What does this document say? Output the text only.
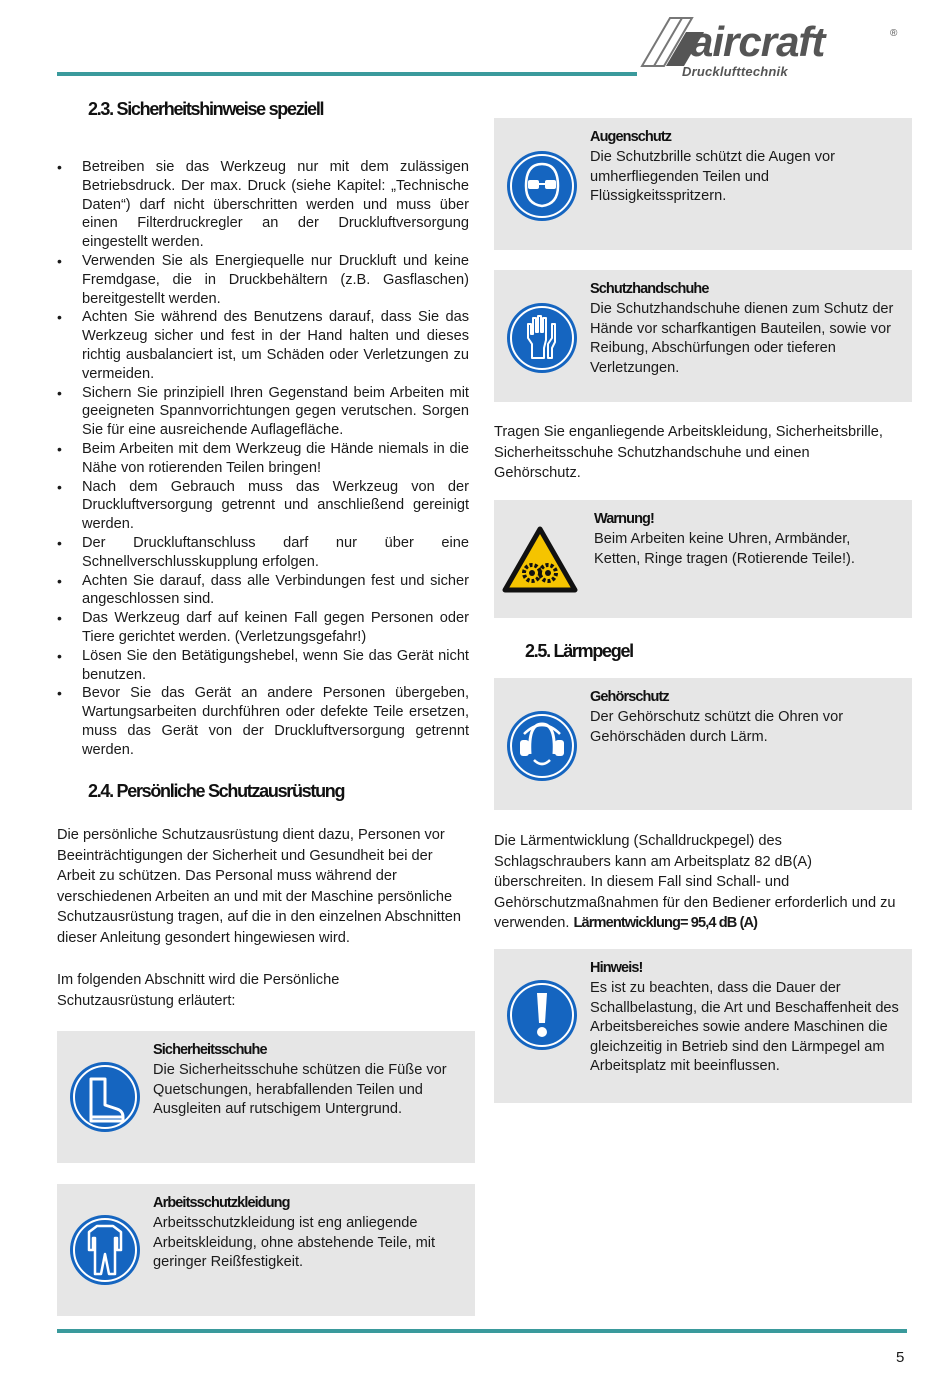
aircraft	®
Drucklufttechnik
2.3. Sicherheitshinweise speziell
• Betreiben sie das Werkzeug nur mit dem zulässigen Betriebsdruck. Der max. Druck (siehe Kapitel: „Technische Daten“) darf nicht überschritten werden und muss über einen Filterdruckregler an der Druckluftversorgung eingestellt werden.
• Verwenden Sie als Energiequelle nur Druckluft und keine Fremdgase, die in Druckbehältern (z.B. Gasflaschen) bereitgestellt werden.
• Achten Sie während des Benutzens darauf, dass Sie das Werkzeug sicher und fest in der Hand halten und dieses richtig ausbalanciert ist, um Schäden oder Verletzungen zu vermeiden.
• Sichern Sie prinzipiell Ihren Gegenstand beim Arbeiten mit geeigneten Spannvorrichtungen gegen verutschen. Sorgen Sie für eine ausreichende Auflagefläche.
• Beim Arbeiten mit dem Werkzeug die Hände niemals in die Nähe von rotierenden Teilen bringen!
• Nach dem Gebrauch muss das Werkzeug von der Druckluftversorgung getrennt und anschließend gereinigt werden.
• Der Druckluftanschluss darf nur über eine Schnellverschlusskupplung erfolgen.
• Achten Sie darauf, dass alle Verbindungen fest und sicher angeschlossen sind.
• Das Werkzeug darf auf keinen Fall gegen Personen oder Tiere gerichtet werden. (Verletzungsgefahr!)
• Lösen Sie den Betätigungshebel, wenn Sie das Gerät nicht benutzen.
• Bevor Sie das Gerät an andere Personen übergeben, Wartungsarbeiten durchführen oder defekte Teile ersetzen, muss das Gerät von der Druckluftversorgung getrennt werden.
2.4. Persönliche Schutzausrüstung

Die persönliche Schutzausrüstung dient dazu, Personen vor Beeinträchtigungen der Sicherheit und Gesundheit bei der Arbeit zu schützen. Das Personal muss während der verschiedenen Arbeiten an und mit der Maschine persönliche Schutzausrüstung tragen, auf die in den einzelnen Abschnitten dieser Anleitung gesondert hingewiesen wird.

Im folgenden Abschnitt wird die Persönliche Schutzausrüstung erläutert:

Sicherheitsschuhe
Die Sicherheitsschuhe schützen die Füße vor Quetschungen, herabfallenden Teilen und Ausgleiten auf rutschigem Untergrund.
Arbeitsschutzkleidung
Arbeitsschutzkleidung ist eng anliegende Arbeitskleidung, ohne abstehende Teile, mit geringer Reißfestigkeit.
Augenschutz
Die Schutzbrille schützt die Augen vor umherfliegenden Teilen und Flüssigkeitsspritzern.
Schutzhandschuhe
Die Schutzhandschuhe dienen zum Schutz der Hände vor scharfkantigen Bauteilen, sowie vor Reibung, Abschürfungen oder tieferen Verletzungen.

Tragen Sie enganliegende Arbeitskleidung, Sicherheitsbrille, Sicherheitsschuhe Schutzhandschuhe und einen Gehörschutz.

Warnung!
Beim Arbeiten keine Uhren, Armbänder, Ketten, Ringe tragen (Rotierende Teile!).
2.5. Lärmpegel
Gehörschutz
Der Gehörschutz schützt die Ohren vor Gehörschäden durch Lärm.
Die Lärmentwicklung (Schalldruckpegel) des Schlagschraubers kann am Arbeitsplatz 82 dB(A) überschreiten. In diesem Fall sind Schall- und Gehörschutzmaßnahmen für den Bediener erforderlich und zu verwenden. Lärmentwicklung= 95,4 dB (A)
Hinweis!
Es ist zu beachten, dass die Dauer der Schallbelastung, die Art und Beschaffenheit des Arbeitsbereiches sowie andere Maschinen die gleichzeitig in Betrieb sind den Lärmpegel am Arbeitsplatz mit beeinflussen.
5
